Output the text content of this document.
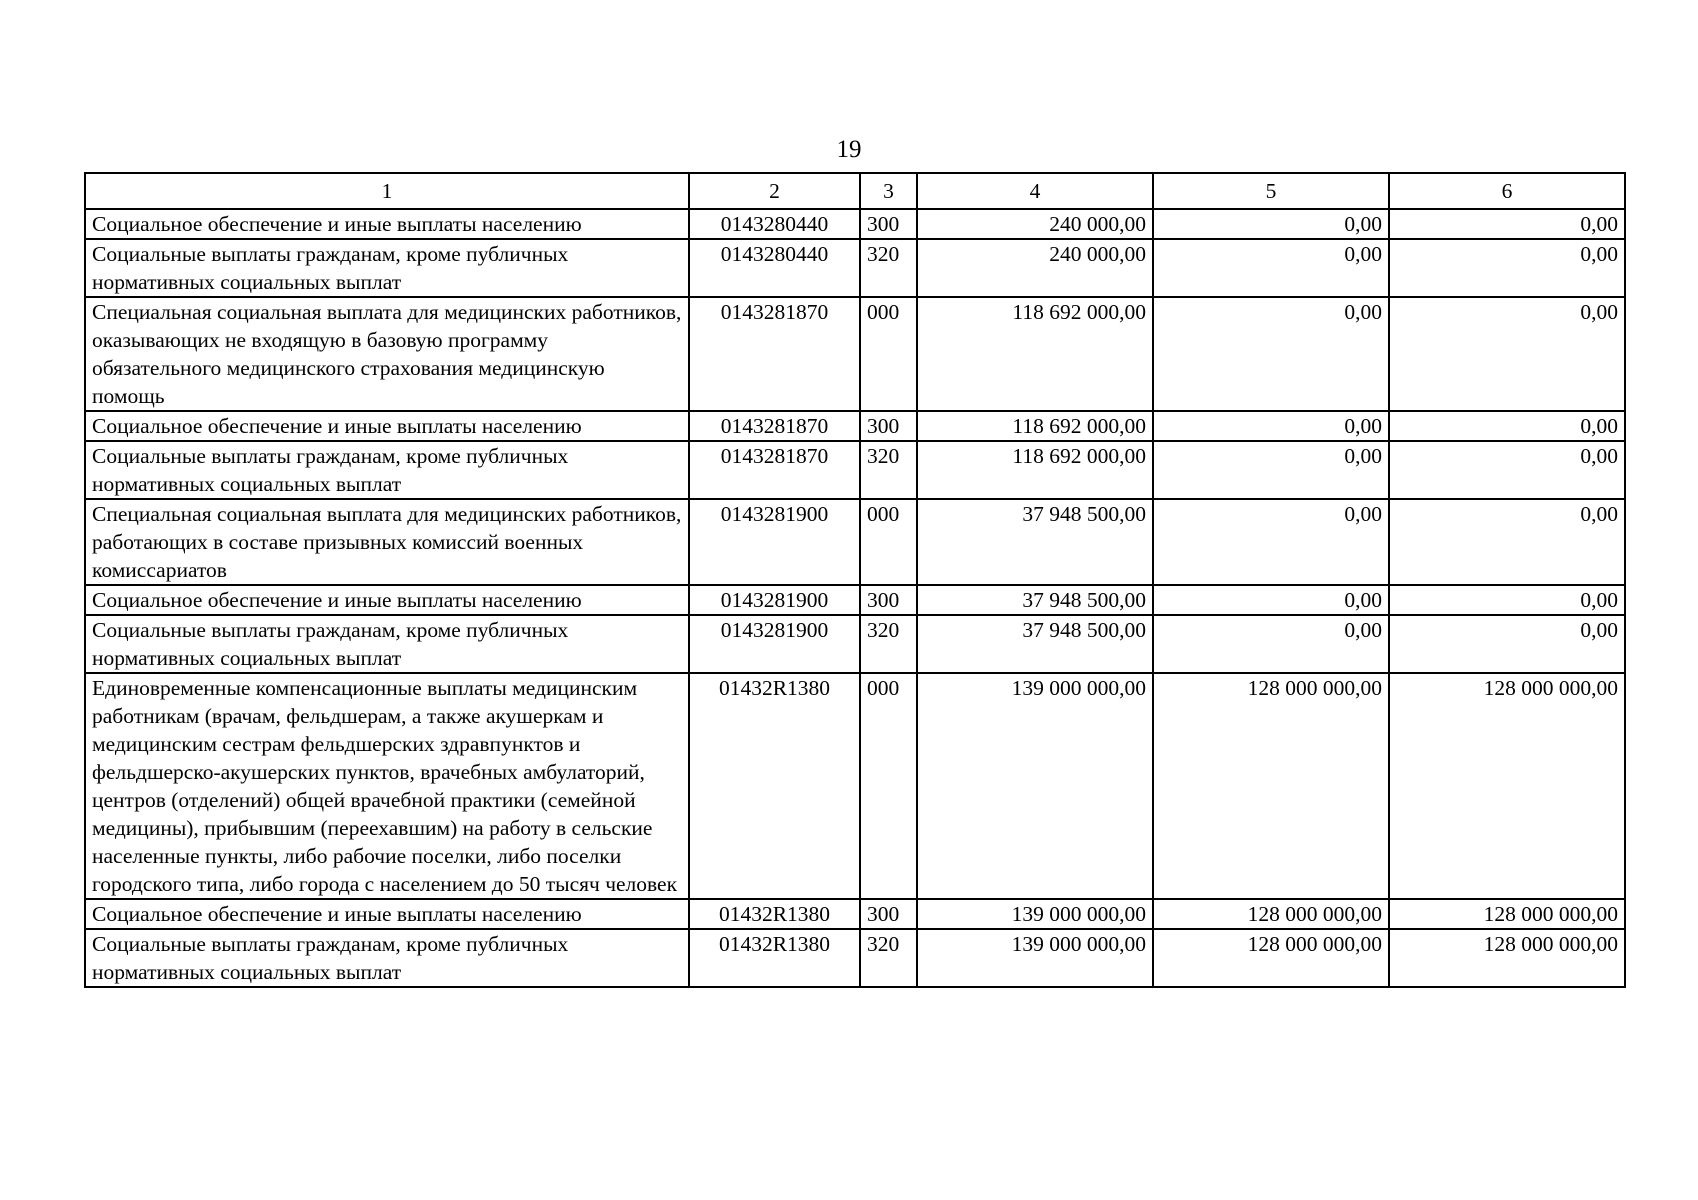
19
1	2	3	4	5	6
Социальное обеспечение и иные выплаты населению	0143280440	300	240 000,00	0,00	0,00
Социальные выплаты гражданам, кроме публичных нормативных социальных выплат	0143280440	320	240 000,00	0,00	0,00
Специальная социальная выплата для медицинских работников, оказывающих не входящую в базовую программу обязательного медицинского страхования медицинскую помощь	0143281870	000	118 692 000,00	0,00	0,00
Социальное обеспечение и иные выплаты населению	0143281870	300	118 692 000,00	0,00	0,00
Социальные выплаты гражданам, кроме публичных нормативных социальных выплат	0143281870	320	118 692 000,00	0,00	0,00
Специальная социальная выплата для медицинских работников, работающих в составе призывных комиссий военных комиссариатов	0143281900	000	37 948 500,00	0,00	0,00
Социальное обеспечение и иные выплаты населению	0143281900	300	37 948 500,00	0,00	0,00
Социальные выплаты гражданам, кроме публичных нормативных социальных выплат	0143281900	320	37 948 500,00	0,00	0,00
Единовременные компенсационные выплаты медицинским работникам (врачам, фельдшерам, а также акушеркам и медицинским сестрам фельдшерских здравпунктов и фельдшерско-акушерских пунктов, врачебных амбулаторий, центров (отделений) общей врачебной практики (семейной медицины), прибывшим (переехавшим) на работу в сельские населенные пункты, либо рабочие поселки, либо поселки городского типа, либо города с населением до 50 тысяч человек	01432R1380	000	139 000 000,00	128 000 000,00	128 000 000,00
Социальное обеспечение и иные выплаты населению	01432R1380	300	139 000 000,00	128 000 000,00	128 000 000,00
Социальные выплаты гражданам, кроме публичных нормативных социальных выплат	01432R1380	320	139 000 000,00	128 000 000,00	128 000 000,00
